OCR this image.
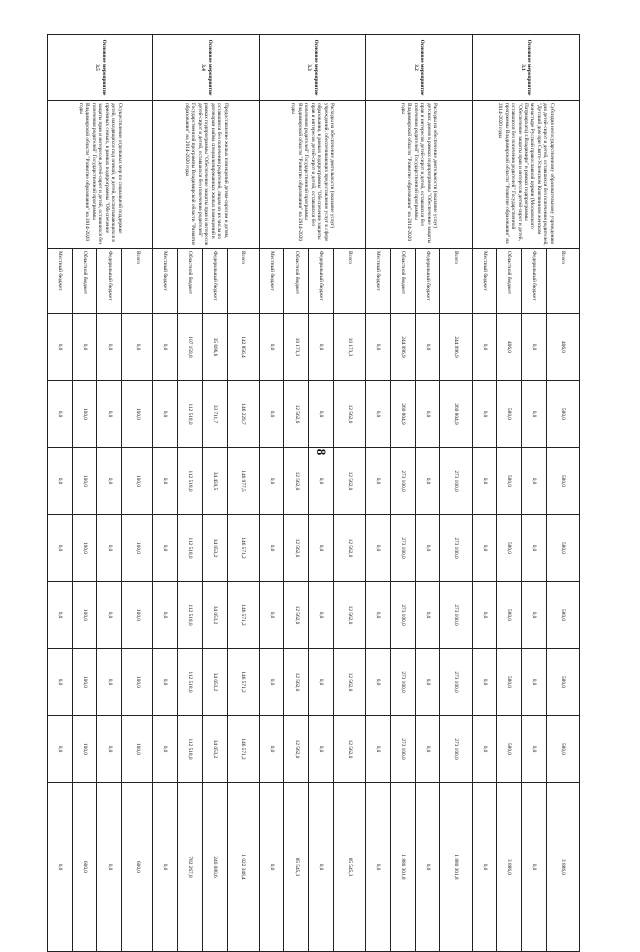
8
Основное мероприятие 3.1	Субсидия негосударственному образовательному учреждению для детей-сирот и детей, оставшихся без попечения родителей, "Детский дом при Свято-Успенском Княгинином женском монастыре Русской православной церкви (Московского Патриархата) г.Владимира" в рамках подпрограммы "Обеспечение защиты прав и интересов детей-сирот и детей, оставшихся без попечения родителей" Государственной программы Владимирской области "Развитие образования" на 2014-2020 годы	Всего	406,0	580,0	580,0	580,0	580,0	580,0	580,0	3 886,0
		Федеральный бюджет	0,0	0,0	0,0	0,0	0,0	0,0	0,0	0,0
		Областной бюджет	406,0	580,0	580,0	580,0	580,0	580,0	580,0	3 886,0
		Местный бюджет	0,0	0,0	0,0	0,0	0,0	0,0	0,0	0,0
Основное мероприятие 3.2	Расходы на обеспечение деятельности (оказание услуг) детских домов в рамках подпрограммы "Обеспечение защиты прав и интересов детей-сирот и детей, оставшихся без попечения родителей" Государственной программы Владимирской области "Развитие образования" на 2014-2020 годы	Всего	244 996,9	269 804,9	273 100,0	273 100,0	273 100,0	273 100,0	273 100,0	1 880 301,8
		Федеральный бюджет	0,0	0,0	0,0	0,0	0,0	0,0	0,0	0,0
		Областной бюджет	244 996,9	269 804,9	273 100,0	273 100,0	273 100,0	273 100,0	273 100,0	1 880 301,8
		Местный бюджет	0,0	0,0	0,0	0,0	0,0	0,0	0,0	0,0
Основное мероприятие 3.3	Расходы на обеспечение деятельности (оказание услуг) учреждений, обеспечивающих предоставление услуг в сфере образования, в рамках подпрограммы "Обеспечение защиты прав и интересов детей-сирот и детей, оставшихся без попечения родителей" Государственной программы Владимирской области "Развитие образования" на 2014-2020 годы	Всего	10 173,3	12 562,0	12 562,0	12 562,0	12 562,0	12 562,0	12 562,0	85 545,3
		Федеральный бюджет	0,0	0,0	0,0	0,0	0,0	0,0	0,0	0,0
		Областной бюджет	10 173,3	12 562,0	12 562,0	12 562,0	12 562,0	12 562,0	12 562,0	85 545,3
		Местный бюджет	0,0	0,0	0,0	0,0	0,0	0,0	0,0	0,0
Основное мероприятие 3.4	Предоставление жилых помещений детям-сиротам и детям, оставшимся без попечения родителей, лицам из их числа по договорам найма специализированных жилых помещений в рамках подпрограммы "Обеспечение защиты прав и интересов детей-сирот и детей, оставшихся без попечения родителей" Государственной программы Владимирской области "Развитие образования" на 2014-2020 годы	Всего	142 856,4	146 229,7	146 977,5	146 571,2	146 571,2	146 571,2	146 571,2	1 022 348,4
		Федеральный бюджет	35 696,6	33 711,7	34 459,5	34 053,2	34 053,2	34 053,2	34 053,2	240 080,6
		Областной бюджет	107 159,8	112 518,0	112 518,0	112 518,0	112 518,0	112 518,0	112 518,0	782 267,8
		Местный бюджет	0,0	0,0	0,0	0,0	0,0	0,0	0,0	0,0
Основное мероприятие 3.5	Осуществление отдельных мер по социальной поддержке детей, находящихся под опекой, и детей, воспитывающихся в приемных семьях, в рамках подпрограммы "Обеспечение защиты прав и интересов детей-сирот и детей, оставшихся без попечения родителей" Государственной программы Владимирской области "Развитие образования" на 2014-2020 годы	Всего	0,0	100,0	100,0	100,0	100,0	100,0	100,0	600,0
		Федеральный бюджет	0,0	0,0	0,0	0,0	0,0	0,0	0,0	0,0
		Областной бюджет	0,0	100,0	100,0	100,0	100,0	100,0	100,0	600,0
		Местный бюджет	0,0	0,0	0,0	0,0	0,0	0,0	0,0	0,0
